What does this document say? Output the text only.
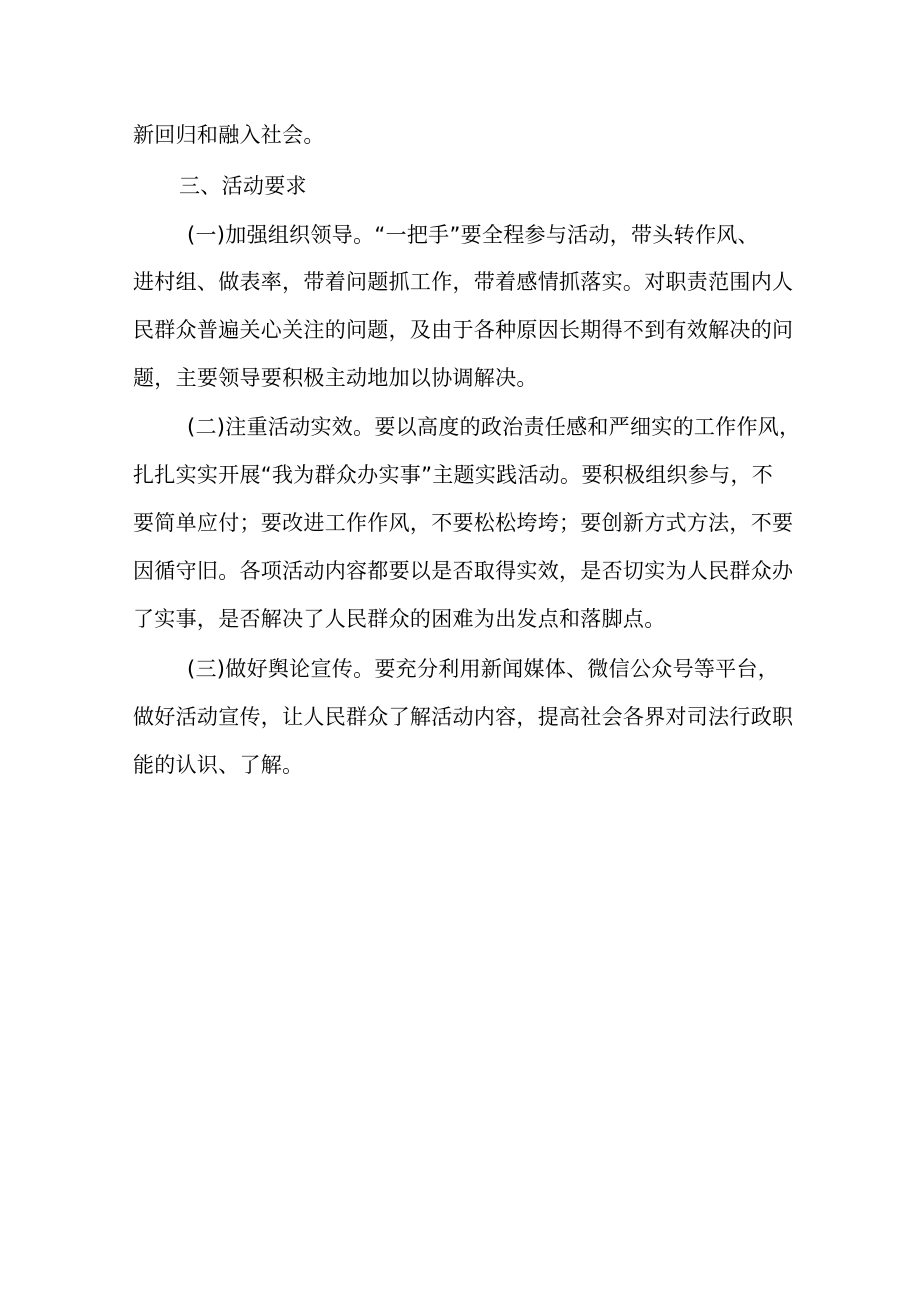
新回归和融入社会。
三、活动要求
(一)加强组织领导。“一把手”要全程参与活动，带头转作风、
进村组、做表率，带着问题抓工作，带着感情抓落实。对职责范围内人
民群众普遍关心关注的问题，及由于各种原因长期得不到有效解决的问
题，主要领导要积极主动地加以协调解决。
(二)注重活动实效。要以高度的政治责任感和严细实的工作作风，
扎扎实实开展“我为群众办实事”主题实践活动。要积极组织参与，不
要简单应付；要改进工作作风，不要松松垮垮；要创新方式方法，不要
因循守旧。各项活动内容都要以是否取得实效，是否切实为人民群众办
了实事，是否解决了人民群众的困难为出发点和落脚点。
(三)做好舆论宣传。要充分利用新闻媒体、微信公众号等平台，
做好活动宣传，让人民群众了解活动内容，提高社会各界对司法行政职
能的认识、了解。
